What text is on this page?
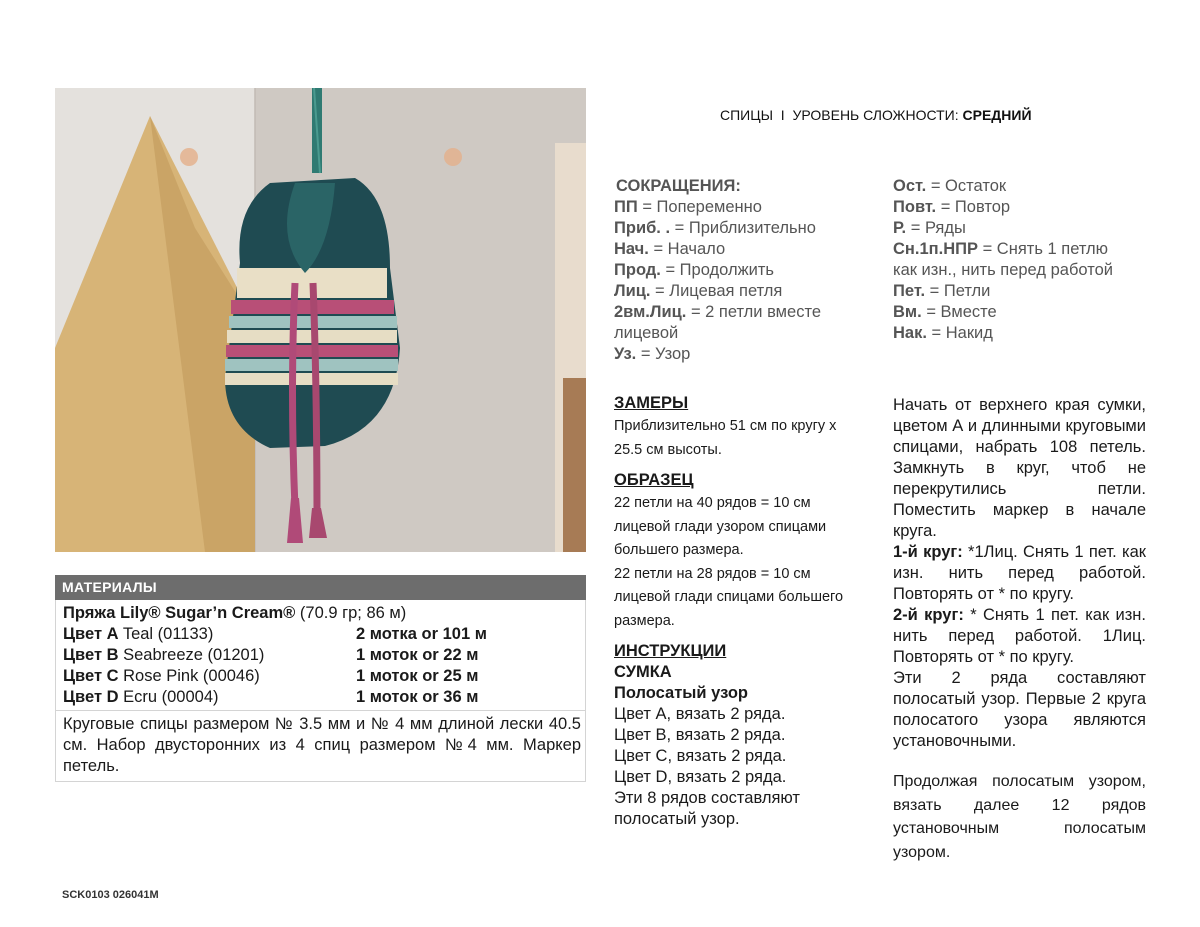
МАТЕРИАЛЫ
Пряжа Lily® Sugar’n Cream® (70.9 гр; 86 м)
Цвет A Teal (01133)	2 мотка or 101 м
Цвет B Seabreeze (01201)	1 моток or 22 м
Цвет C Rose Pink (00046)	1 моток or 25 м
Цвет D Ecru (00004)	1 моток or 36 м
Круговые спицы размером № 3.5 мм и № 4 мм длиной лески 40.5 см. Набор двусторонних из 4 спиц размером №4 мм. Маркер петель.
SCK0103 026041M
СПИЦЫ I УРОВЕНЬ СЛОЖНОСТИ: СРЕДНИЙ
СОКРАЩЕНИЯ:
ПП = Попеременно
Приб. . = Приблизительно
Нач. = Начало
Прод. = Продолжить
Лиц. = Лицевая петля
2вм.Лиц. = 2 петли вместе лицевой
Уз. = Узор
Ост. = Остаток
Повт. = Повтор
Р. = Ряды
Сн.1п.НПР = Снять 1 петлю как изн., нить перед работой
Пет. = Петли
Вм. = Вместе
Нак. = Накид
ЗАМЕРЫ

Приблизительно 51 см по кругу х 25.5 см высоты.

ОБРАЗЕЦ

22 петли на 40 рядов = 10 см лицевой глади узором спицами большего размера.

22 петли на 28 рядов = 10 см лицевой глади спицами большего размера.

ИНСТРУКЦИИ
СУМКА
Полосатый узор
Цвет А, вязать 2 ряда.
Цвет В, вязать 2 ряда.
Цвет С, вязать 2 ряда.
Цвет D, вязать 2 ряда.
Эти 8 рядов составляют полосатый узор.

Начать от верхнего края сумки, цветом А и длинными круговыми спицами, набрать 108 петель. Замкнуть в круг, чтоб не перекрутились петли. Поместить маркер в начале круга.

1-й круг: *1Лиц. Снять 1 пет. как изн. нить перед работой. Повторять от * по кругу.

2-й круг: * Снять 1 пет. как изн. нить перед работой. 1Лиц. Повторять от * по кругу.

Эти 2 ряда составляют полосатый узор. Первые 2 круга полосатого узора являются установочными.

Продолжая полосатым узором, вязать далее 12 рядов установочным полосатым узором.
